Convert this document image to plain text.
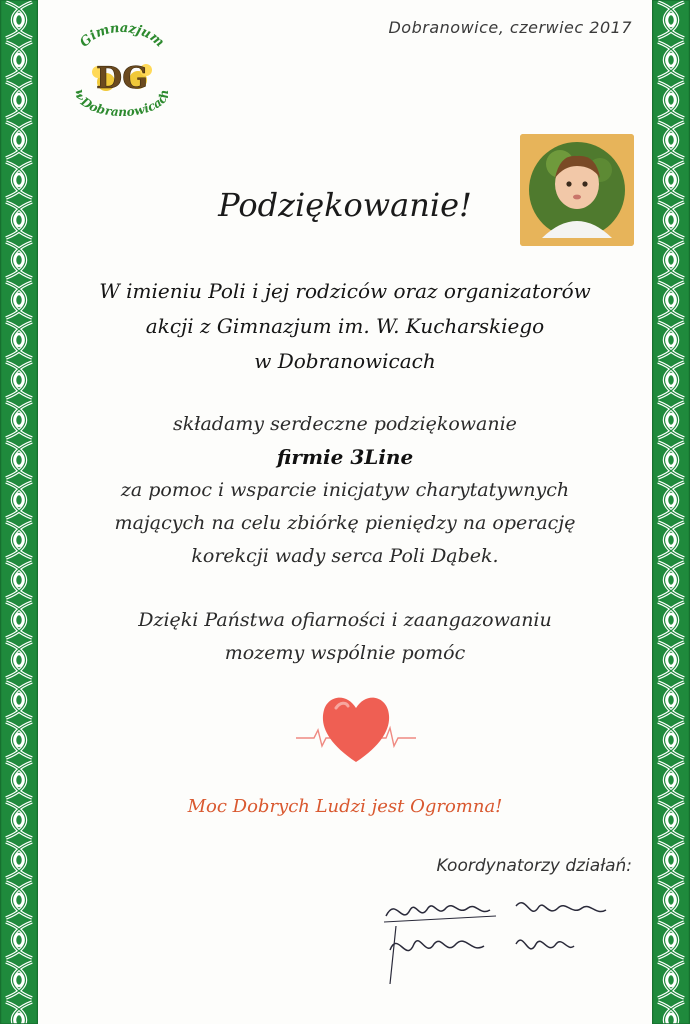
Gimnazjum
DG
w Dobranowicach
Dobranowice, czerwiec 2017
Podziękowanie!
W imieniu Poli i jej rodziców oraz organizatorów
akcji z Gimnazjum im. W. Kucharskiego
w Dobranowicach
składamy serdeczne podziękowanie
firmie 3Line
za pomoc i wsparcie inicjatyw charytatywnych
mających na celu zbiórkę pieniędzy na operację
korekcji wady serca Poli Dąbek.
Dzięki Państwa ofiarności i zaangazowaniu
mozemy wspólnie pomóc
Moc Dobrych Ludzi jest Ogromna!
Koordynatorzy działań:
